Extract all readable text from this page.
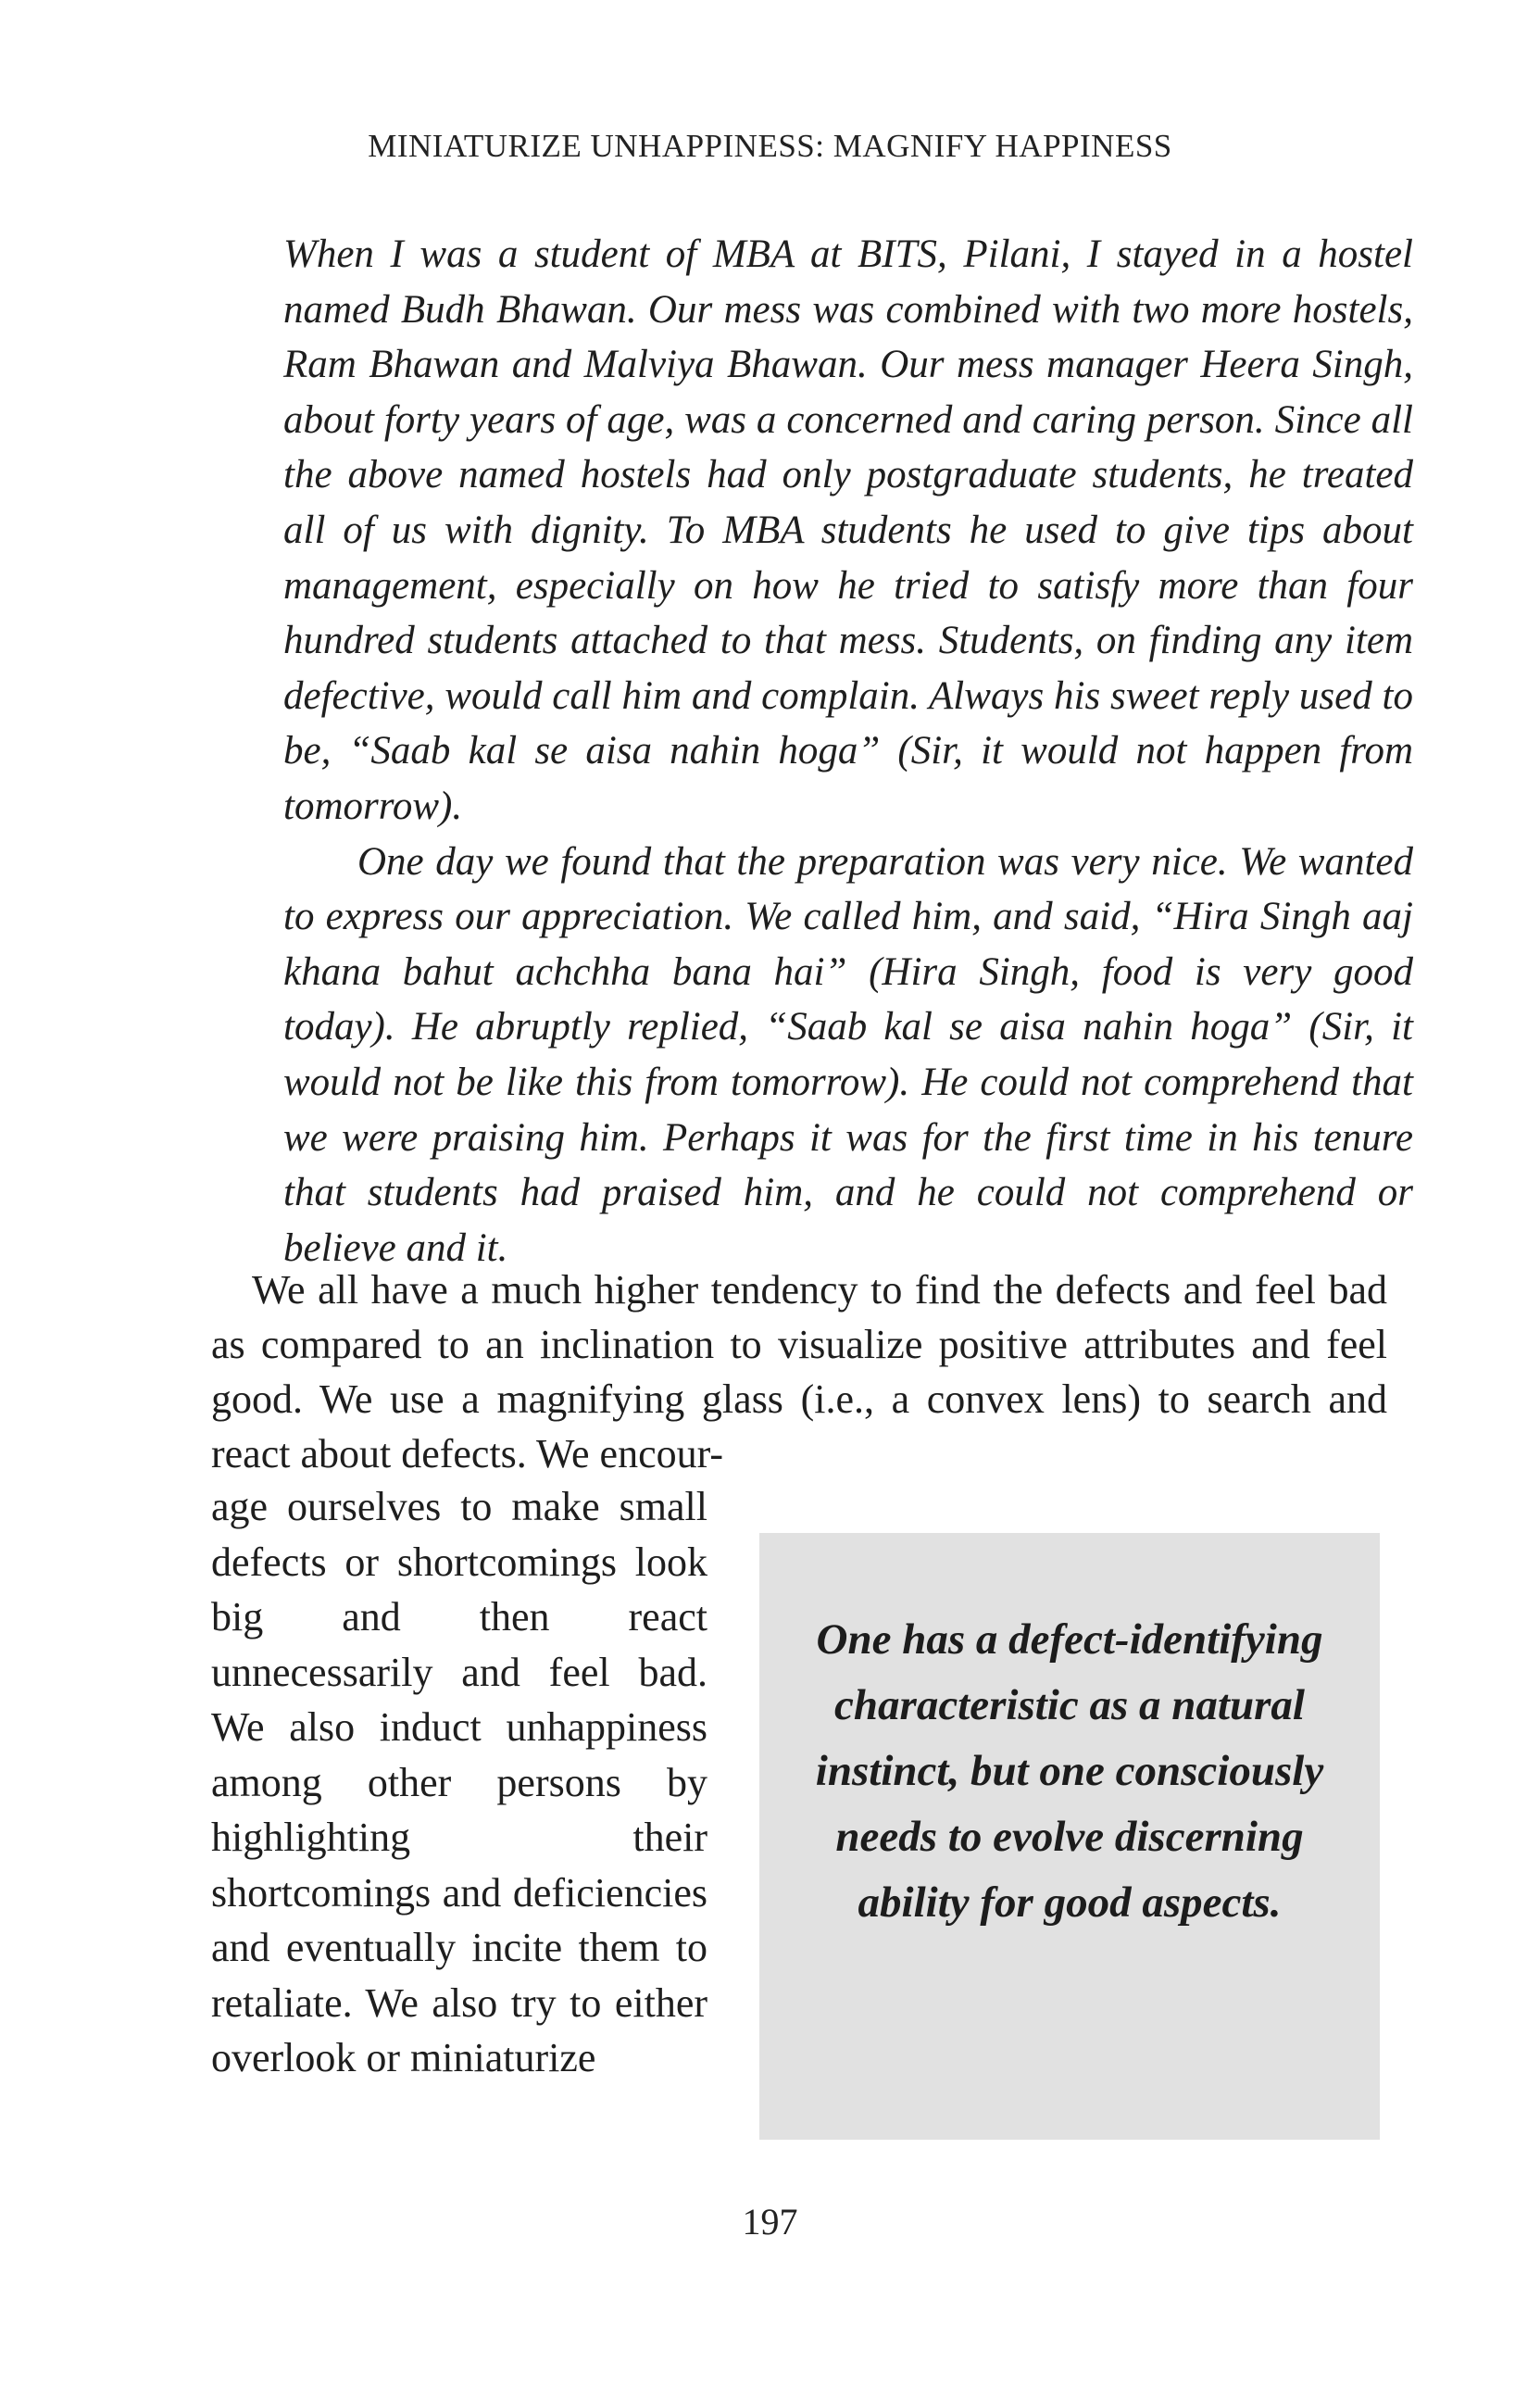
MINIATURIZE UNHAPPINESS: MAGNIFY HAPPINESS

When I was a student of MBA at BITS, Pilani, I stayed in a hostel named Budh Bhawan. Our mess was combined with two more hostels, Ram Bhawan and Malviya Bhawan. Our mess manager Heera Singh, about forty years of age, was a concerned and caring person. Since all the above named hostels had only postgraduate students, he treated all of us with dignity. To MBA students he used to give tips about management, especially on how he tried to satisfy more than four hundred students attached to that mess. Students, on finding any item defective, would call him and complain. Always his sweet reply used to be, “Saab kal se aisa nahin hoga” (Sir, it would not happen from tomorrow).

One day we found that the preparation was very nice. We wanted to express our appreciation. We called him, and said, “Hira Singh aaj khana bahut achchha bana hai” (Hira Singh, food is very good today). He abruptly replied, “Saab kal se aisa nahin hoga” (Sir, it would not be like this from tomorrow). He could not comprehend that we were praising him. Perhaps it was for the first time in his tenure that students had praised him, and he could not comprehend or believe and it.

We all have a much higher tendency to find the defects and feel bad as compared to an inclination to visualize positive attributes and feel good. We use a magnifying glass (i.e., a convex lens) to search and react about defects. We encour-

age ourselves to make small defects or shortcomings look big and then react unnecessarily and feel bad. We also induct unhappiness among other persons by highlighting their shortcomings and deficiencies and eventually incite them to retaliate. We also try to either overlook or miniaturize

One has a defect-identifying characteristic as a natural instinct, but one consciously needs to evolve discerning ability for good aspects.
197
